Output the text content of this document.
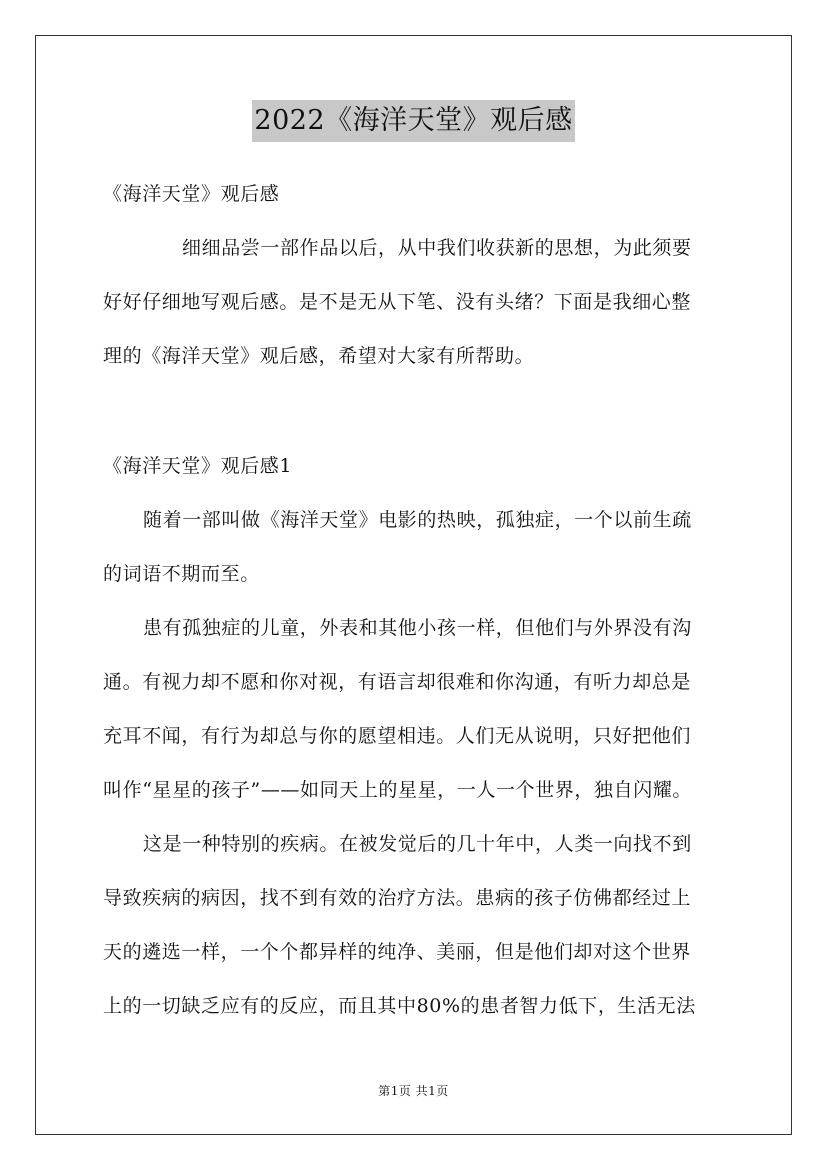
2022《海洋天堂》观后感
《海洋天堂》观后感
细细品尝一部作品以后，从中我们收获新的思想，为此须要
好好仔细地写观后感。是不是无从下笔、没有头绪？下面是我细心整
理的《海洋天堂》观后感，希望对大家有所帮助。
《海洋天堂》观后感1
随着一部叫做《海洋天堂》电影的热映，孤独症，一个以前生疏
的词语不期而至。
患有孤独症的儿童，外表和其他小孩一样，但他们与外界没有沟
通。有视力却不愿和你对视，有语言却很难和你沟通，有听力却总是
充耳不闻，有行为却总与你的愿望相违。人们无从说明，只好把他们
叫作“星星的孩子”——如同天上的星星，一人一个世界，独自闪耀。
这是一种特别的疾病。在被发觉后的几十年中，人类一向找不到
导致疾病的病因，找不到有效的治疗方法。患病的孩子仿佛都经过上
天的遴选一样，一个个都异样的纯净、美丽，但是他们却对这个世界
上的一切缺乏应有的反应，而且其中80%的患者智力低下，生活无法
第1页 共1页
